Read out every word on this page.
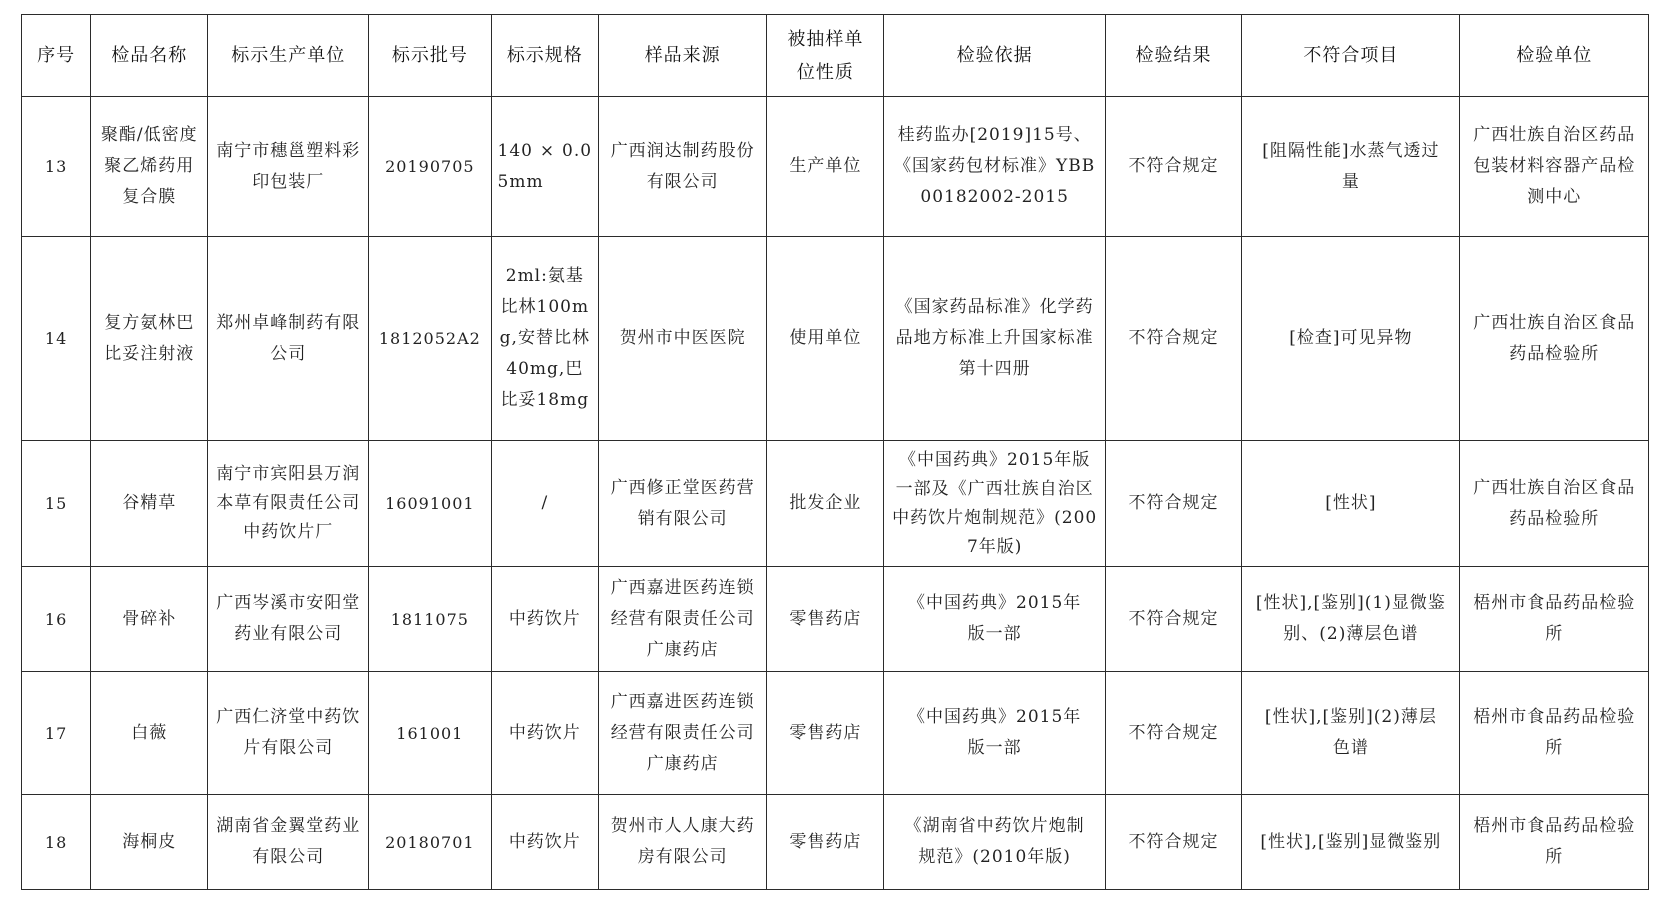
序号	检品名称	标示生产单位	标示批号	标示规格	样品来源	被抽样单位性质	检验依据	检验结果	不符合项目	检验单位
13	聚酯/低密度聚乙烯药用复合膜	南宁市穗邕塑料彩印包装厂	20190705	140 × 0.05mm	广西润达制药股份有限公司	生产单位	桂药监办[2019]15号、《国家药包材标准》YBB00182002-2015	不符合规定	[阻隔性能]水蒸气透过量	广西壮族自治区药品包装材料容器产品检测中心
14	复方氨林巴比妥注射液	郑州卓峰制药有限公司	1812052A2	2ml:氨基比林100mg,安替比林40mg,巴比妥18mg	贺州市中医医院	使用单位	《国家药品标准》化学药品地方标准上升国家标准第十四册	不符合规定	[检查]可见异物	广西壮族自治区食品药品检验所
15	谷精草	南宁市宾阳县万润本草有限责任公司中药饮片厂	16091001	/	广西修正堂医药营销有限公司	批发企业	《中国药典》2015年版一部及《广西壮族自治区中药饮片炮制规范》(2007年版)	不符合规定	[性状]	广西壮族自治区食品药品检验所
16	骨碎补	广西岑溪市安阳堂药业有限公司	1811075	中药饮片	广西嘉进医药连锁经营有限责任公司广康药店	零售药店	《中国药典》2015年版一部	不符合规定	[性状],[鉴别](1)显微鉴别、(2)薄层色谱	梧州市食品药品检验所
17	白薇	广西仁济堂中药饮片有限公司	161001	中药饮片	广西嘉进医药连锁经营有限责任公司广康药店	零售药店	《中国药典》2015年版一部	不符合规定	[性状],[鉴别](2)薄层色谱	梧州市食品药品检验所
18	海桐皮	湖南省金翼堂药业有限公司	20180701	中药饮片	贺州市人人康大药房有限公司	零售药店	《湖南省中药饮片炮制规范》(2010年版)	不符合规定	[性状],[鉴别]显微鉴别	梧州市食品药品检验所
